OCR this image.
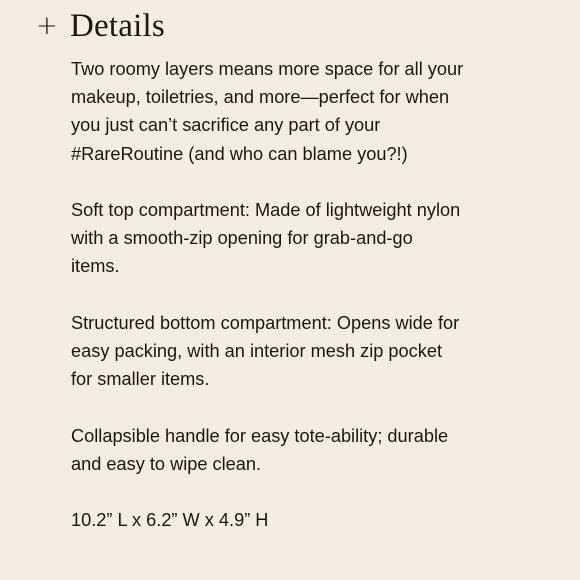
+ Details

Two roomy layers means more space for all your makeup, toiletries, and more—perfect for when you just can’t sacrifice any part of your #RareRoutine (and who can blame you?!)

Soft top compartment: Made of lightweight nylon with a smooth-zip opening for grab-and-go items.

Structured bottom compartment: Opens wide for easy packing, with an interior mesh zip pocket for smaller items.

Collapsible handle for easy tote-ability; durable and easy to wipe clean.

10.2” L x 6.2” W x 4.9” H
